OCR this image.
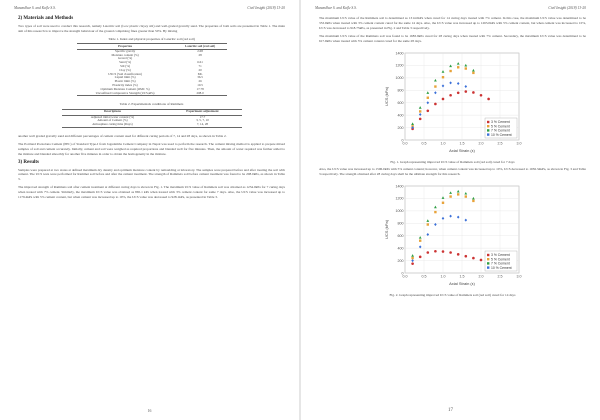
Manandhar S. and Kafle S.S.	Civil Insight (2018) 13-20
2) Materials and Methods

Two types of soil were used to conduct this research, namely Lateritic soil (Low plastic clayey silt) and well-graded gravelly sand. The properties of both soils are presented in Table 1. The main aim of this research is to improve the strength behaviour of the ground comprising fines greater than 50%. By mixing

Table 1. Index and physical properties of Lateritic soil (red soil)
Properties	Lateritic soil (red soil)
Specific gravity	2.68
Moisture content (%)	28
Gravel (%)	
Sand (%)	6.61
Silt (%)	71
Clay (%)	20
USCS (Soil classification)	ML
Liquid limit (%)	36.5
Plastic limit (%)	26
Plasticity index (%)	10.5
Optimum Moisture Content (OMC %)	17.78
Unconfined Compressive Strength (UCS,kPa)	208.0
Table 2. Experimentals conditions of Rammets
Descriptions	Experiment adjustment
Adjusted initial water content (%)	17.7
Amount of Cement (%)	3, 5, 7, 10
Atmosphere curing time (Days)	7, 14, 28

another well graded gravelly sand and different percentages of cement content used for different curing periods of 7, 14 and 28 days, as shown in Table 2.

The Portland Pozzolana Cement (PPC) of Standard Type-I from Jagadamba Cement Company in Nepal was used to perform the research. The cement mixing method is applied to prepare mixed samples of soil and cement accurately. Initially, cement and soil were weighed as required proportions and blended well for five minutes. Then, the amount of water required was further added to the mixture and blended smoothly for another five minutes in order to obtain the homogeneity in the mixture.

3) Results

Samples were prepared at two states at defined maximum dry density and optimum moisture content by remoulding at laboratory. The samples were prepared before and after treating the soil with cement. The UCS tests were performed for Rammet soil before and after the cement treatment. The strength of Rammets soil before cement treatment was found to be 208.0kPa, as shown in Table 3.

The improved strength of Rammets soil after cement treatment at different curing days is shown in Fig. 1. The maximum UCS value of Rammets soil was obtained as 1234.0kPa for 7 curing days when treated with 7% cement. Similarly, the maximum UCS value was obtained as 865.1 kPa when treated with 3% cement content for same 7 days. Also, the UCS value was increased up to 1179.4kPa with 5% cement content, but when cement was increased up to 10%, the UCS value was decreased to 928.1kPa, as presented in Table 3.

16
Manandhar S. and Kafle S.S.	Civil Insight (2018) 13-20

The maximum UCS value of the Rammets soil is determined as 1314.0kPa when cured for 14 curing days treated with 7% cement. In this case, the maximum UCS value was determined to be 353.0kPa when treated with 3% cement content cured for the same 14 days. Also, the UCS value was increased up to 1265.0kPa with 5% cement content, but when cement was increased to 10%, UCS was decreased to 918.75kPa, as presented in Fig. 2 and Table 3 respectively.

The maximum UCS value of the Rammets soil was found to be 1683.9kPa cured for 28 curing days when treated with 7% cement. Secondary, the maximum UCS value was determined to be 617.9kPa when treated with 3% cement content cured for the same 28 days.

0
200
400
600
800
1000
1200
1400
0.0	0.5	1.0	1.5	2.0	2.5	3.0
Axial Strain (ε)
UCS (kPa)
3 % Cement
5 % Cement
7 % Cement
10 % Cement
Fig. 1. Graph representing improved UCS value of Rammets soil (red soil) cured for 7 days

Also, the UCS value was increased up to 1506.0kPa with 5% cement content; however, when cement content was increased up to 10%, UCS decreased to 1036.34kPa, as shown in Fig. 3 and Table 3 respectively. The strength obtained after 28 curing days shall be the ultimate strength for this research.

0
200
400
600
800
1000
1200
1400
0.0	0.5	1.0	1.5	2.0	2.5	3.0
Axial Strain (ε)
UCS (kPa)
3 % Cement
5 % Cement
7 % Cement
10 % Cement
Fig. 2. Graph representing improved UCS value of Rammets soil (red soil) cured for 14 days
17
